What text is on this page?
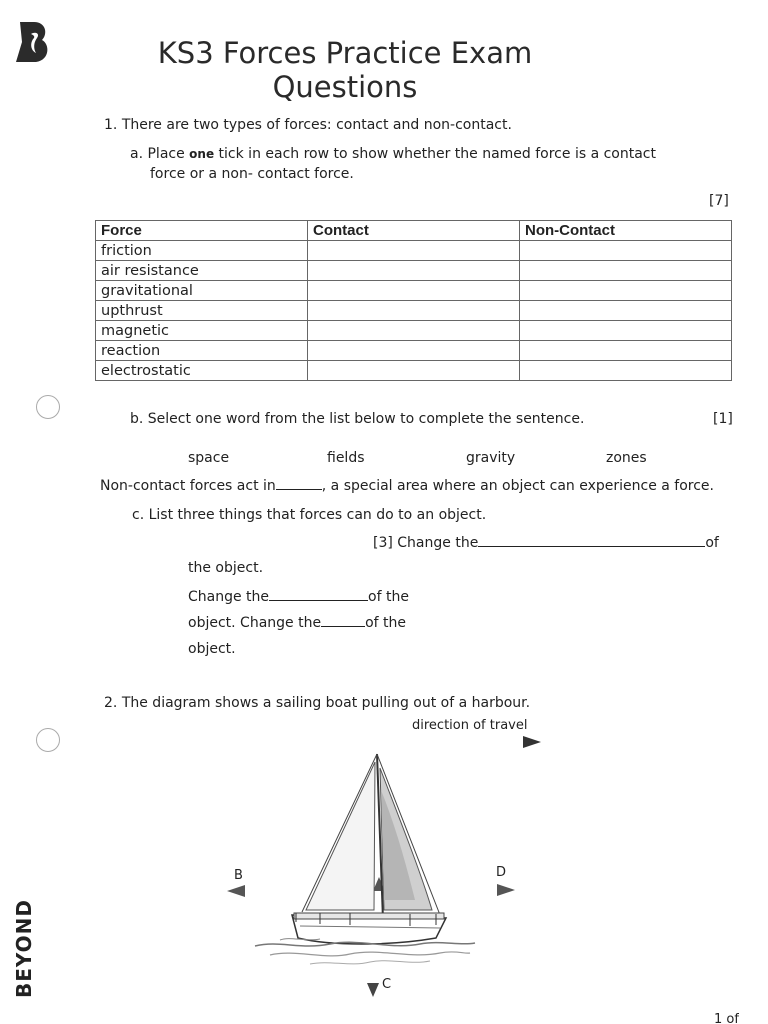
KS3 Forces Practice Exam
Questions
1. There are two types of forces: contact and non-contact.
a. Place one tick in each row to show whether the named force is a contact
force or a non- contact force.
[7]
Force	Contact	Non-Contact
friction		
air resistance		
gravitational		
upthrust		
magnetic		
reaction		
electrostatic		
b. Select one word from the list below to complete the sentence.	[1]
space	fields	gravity	zones
Non-contact forces act in	, a special area where an object can experience a force.
c. List three things that forces can do to an object.
[3] Change the	of
the object.
Change the	of the
object. Change the	of the
object.
2. The diagram shows a sailing boat pulling out of a harbour.
direction of travel
B	D
C
BEYOND
1 of
